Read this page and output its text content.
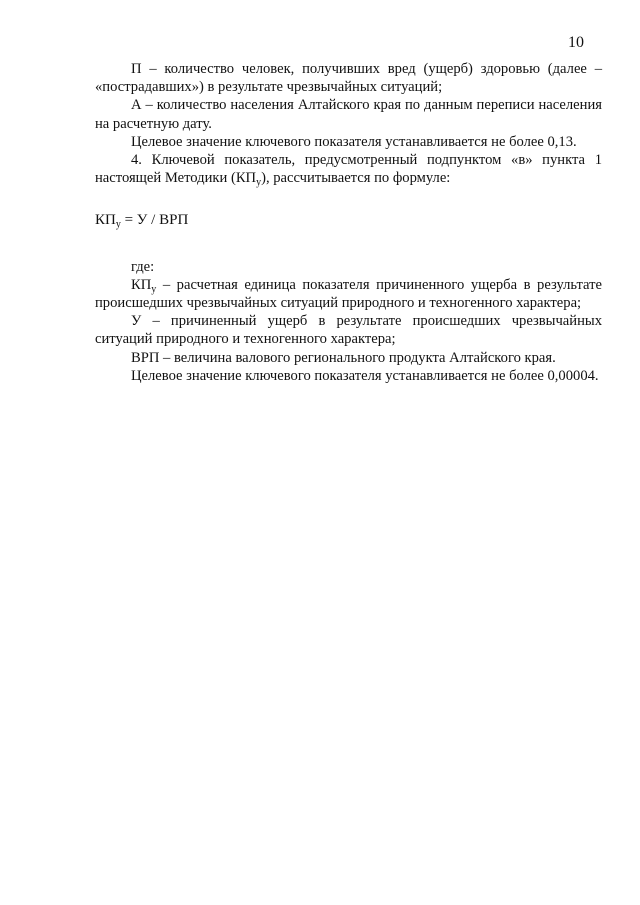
10

П – количество человек, получивших вред (ущерб) здоровью (далее – «пострадавших») в результате чрезвычайных ситуаций;

А – количество населения Алтайского края по данным переписи населения на расчетную дату.

Целевое значение ключевого показателя устанавливается не более 0,13.

4. Ключевой показатель, предусмотренный подпунктом «в» пункта 1 настоящей Методики $(КП_у)$, рассчитывается по формуле:

$КП_у = У$ / ВРП

где:

$КП_у$ – расчетная единица показателя причиненного ущерба в результате происшедших чрезвычайных ситуаций природного и техногенного характера;

У – причиненный ущерб в результате происшедших чрезвычайных ситуаций природного и техногенного характера;

ВРП – величина валового регионального продукта Алтайского края.

Целевое значение ключевого показателя устанавливается не более 0,00004.
